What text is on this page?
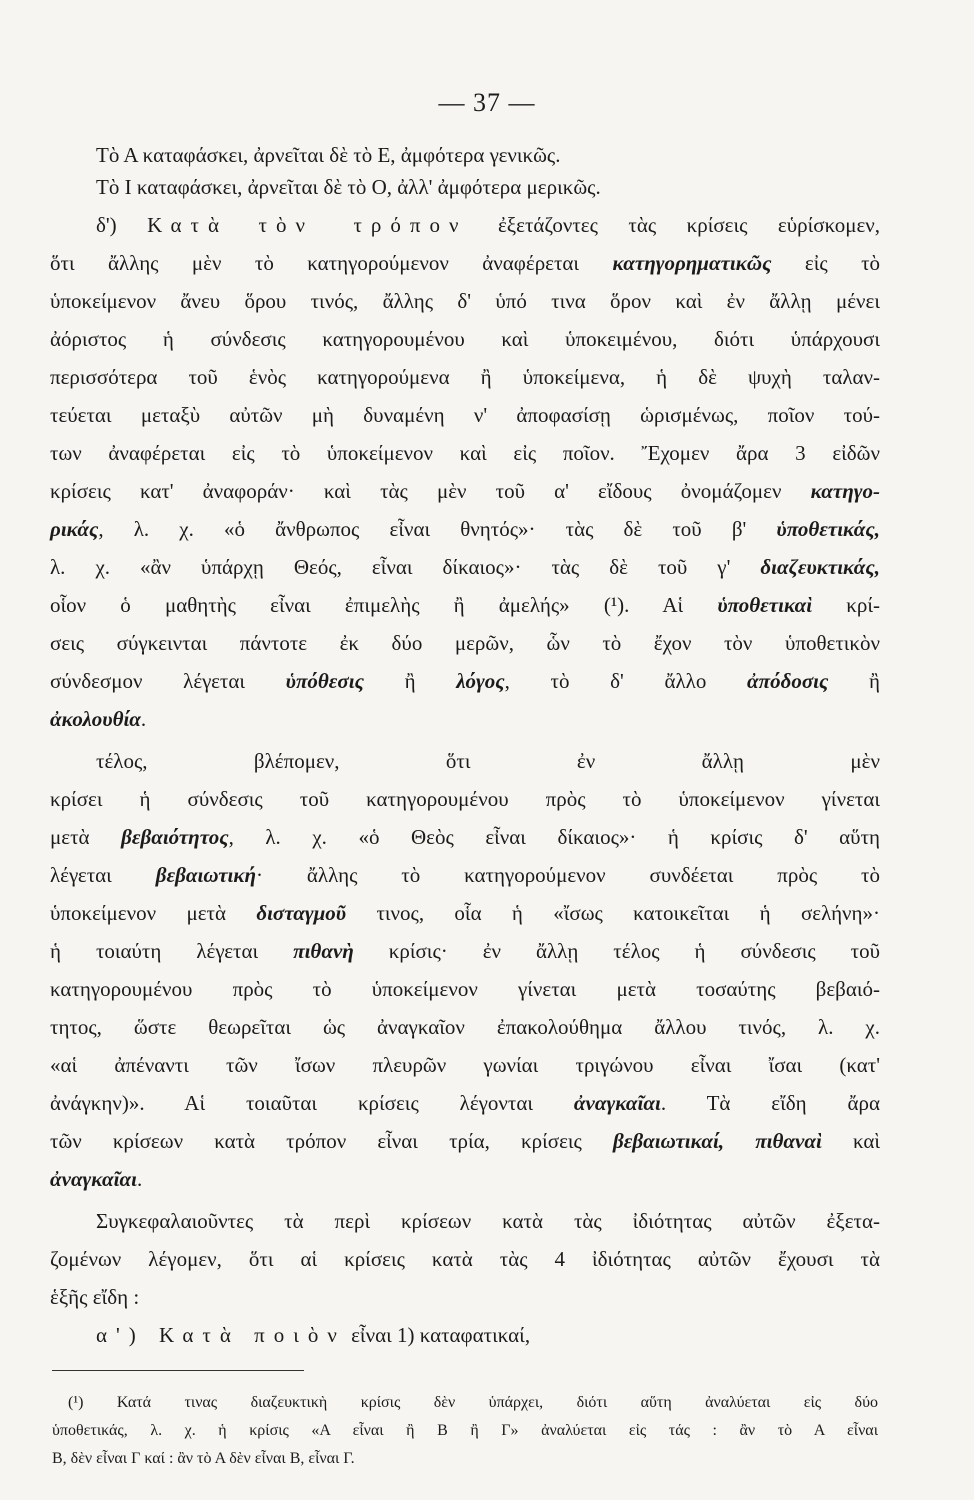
— 37 —
Τὸ Α καταφάσκει, ἀρνεῖται δὲ τὸ Ε, ἀμφότερα γενικῶς.
Τὸ Ι καταφάσκει, ἀρνεῖται δὲ τὸ Ο, ἀλλ' ἀμφότερα μερικῶς.
δ') Κατὰ τὸν τρόπον ἐξετάζοντες τὰς κρίσεις εὑρίσκομεν,
ὅτι ἄλλης μὲν τὸ κατηγορούμενον ἀναφέρεται κατηγορηματικῶς εἰς τὸ
ὑποκείμενον ἄνευ ὅρου τινός, ἄλλης δ' ὑπό τινα ὅρον καὶ ἐν ἄλλῃ μένει
ἀόριστος ἡ σύνδεσις κατηγορουμένου καὶ ὑποκειμένου, διότι ὑπάρχουσι
περισσότερα τοῦ ἑνὸς κατηγορούμενα ἢ ὑποκείμενα, ἡ δὲ ψυχὴ ταλαν-
τεύεται μεταξὺ αὐτῶν μὴ δυναμένη ν' ἀποφασίσῃ ὡρισμένως, ποῖον τού-
των ἀναφέρεται εἰς τὸ ὑποκείμενον καὶ εἰς ποῖον. Ἔχομεν ἄρα 3 εἰδῶν
κρίσεις κατ' ἀναφοράν· καὶ τὰς μὲν τοῦ α' εἴδους ὀνομάζομεν κατηγο-
ρικάς, λ. χ. «ὁ ἄνθρωπος εἶναι θνητός»· τὰς δὲ τοῦ β' ὑποθετικάς,
λ. χ. «ἂν ὑπάρχῃ Θεός, εἶναι δίκαιος»· τὰς δὲ τοῦ γ' διαζευκτικάς,
οἷον ὁ μαθητὴς εἶναι ἐπιμελὴς ἢ ἀμελής» (¹). Αἱ ὑποθετικαὶ κρί-
σεις σύγκεινται πάντοτε ἐκ δύο μερῶν, ὧν τὸ ἔχον τὸν ὑποθετικὸν
σύνδεσμον λέγεται ὑπόθεσις ἢ λόγος, τὸ δ' ἄλλο ἀπόδοσις ἢ
ἀκολουθία.
τέλος, βλέπομεν, ὅτι ἐν ἄλλῃ μὲν
κρίσει ἡ σύνδεσις τοῦ κατηγορουμένου πρὸς τὸ ὑποκείμενον γίνεται
μετὰ βεβαιότητος, λ. χ. «ὁ Θεὸς εἶναι δίκαιος»· ἡ κρίσις δ' αὕτη
λέγεται βεβαιωτική· ἄλλης τὸ κατηγορούμενον συνδέεται πρὸς τὸ
ὑποκείμενον μετὰ δισταγμοῦ τινος, οἷα ἡ «ἴσως κατοικεῖται ἡ σελήνη»·
ἡ τοιαύτη λέγεται πιθανὴ κρίσις· ἐν ἄλλῃ τέλος ἡ σύνδεσις τοῦ
κατηγορουμένου πρὸς τὸ ὑποκείμενον γίνεται μετὰ τοσαύτης βεβαιό-
τητος, ὥστε θεωρεῖται ὡς ἀναγκαῖον ἐπακολούθημα ἄλλου τινός, λ. χ.
«αἱ ἀπέναντι τῶν ἴσων πλευρῶν γωνίαι τριγώνου εἶναι ἴσαι (κατ'
ἀνάγκην)». Αἱ τοιαῦται κρίσεις λέγονται ἀναγκαῖαι. Τὰ εἴδη ἄρα
τῶν κρίσεων κατὰ τρόπον εἶναι τρία, κρίσεις βεβαιωτικαί, πιθαναὶ καὶ
ἀναγκαῖαι.
Συγκεφαλαιοῦντες τὰ περὶ κρίσεων κατὰ τὰς ἰδιότητας αὐτῶν ἐξετα-
ζομένων λέγομεν, ὅτι αἱ κρίσεις κατὰ τὰς 4 ἰδιότητας αὐτῶν ἔχουσι τὰ
ἑξῆς εἴδη :
α') Κατὰ ποιὸν εἶναι 1) καταφατικαί,
(¹) Κατά τινας διαζευκτικὴ κρίσις δὲν ὑπάρχει, διότι αὕτη ἀναλύεται εἰς δύο
ὑποθετικάς, λ. χ. ἡ κρίσις «Α εἶναι ἢ Β ἢ Γ» ἀναλύεται εἰς τάς : ἂν τὸ Α εἶναι
Β, δὲν εἶναι Γ καί : ἂν τὸ Α δὲν εἶναι Β, εἶναι Γ.
